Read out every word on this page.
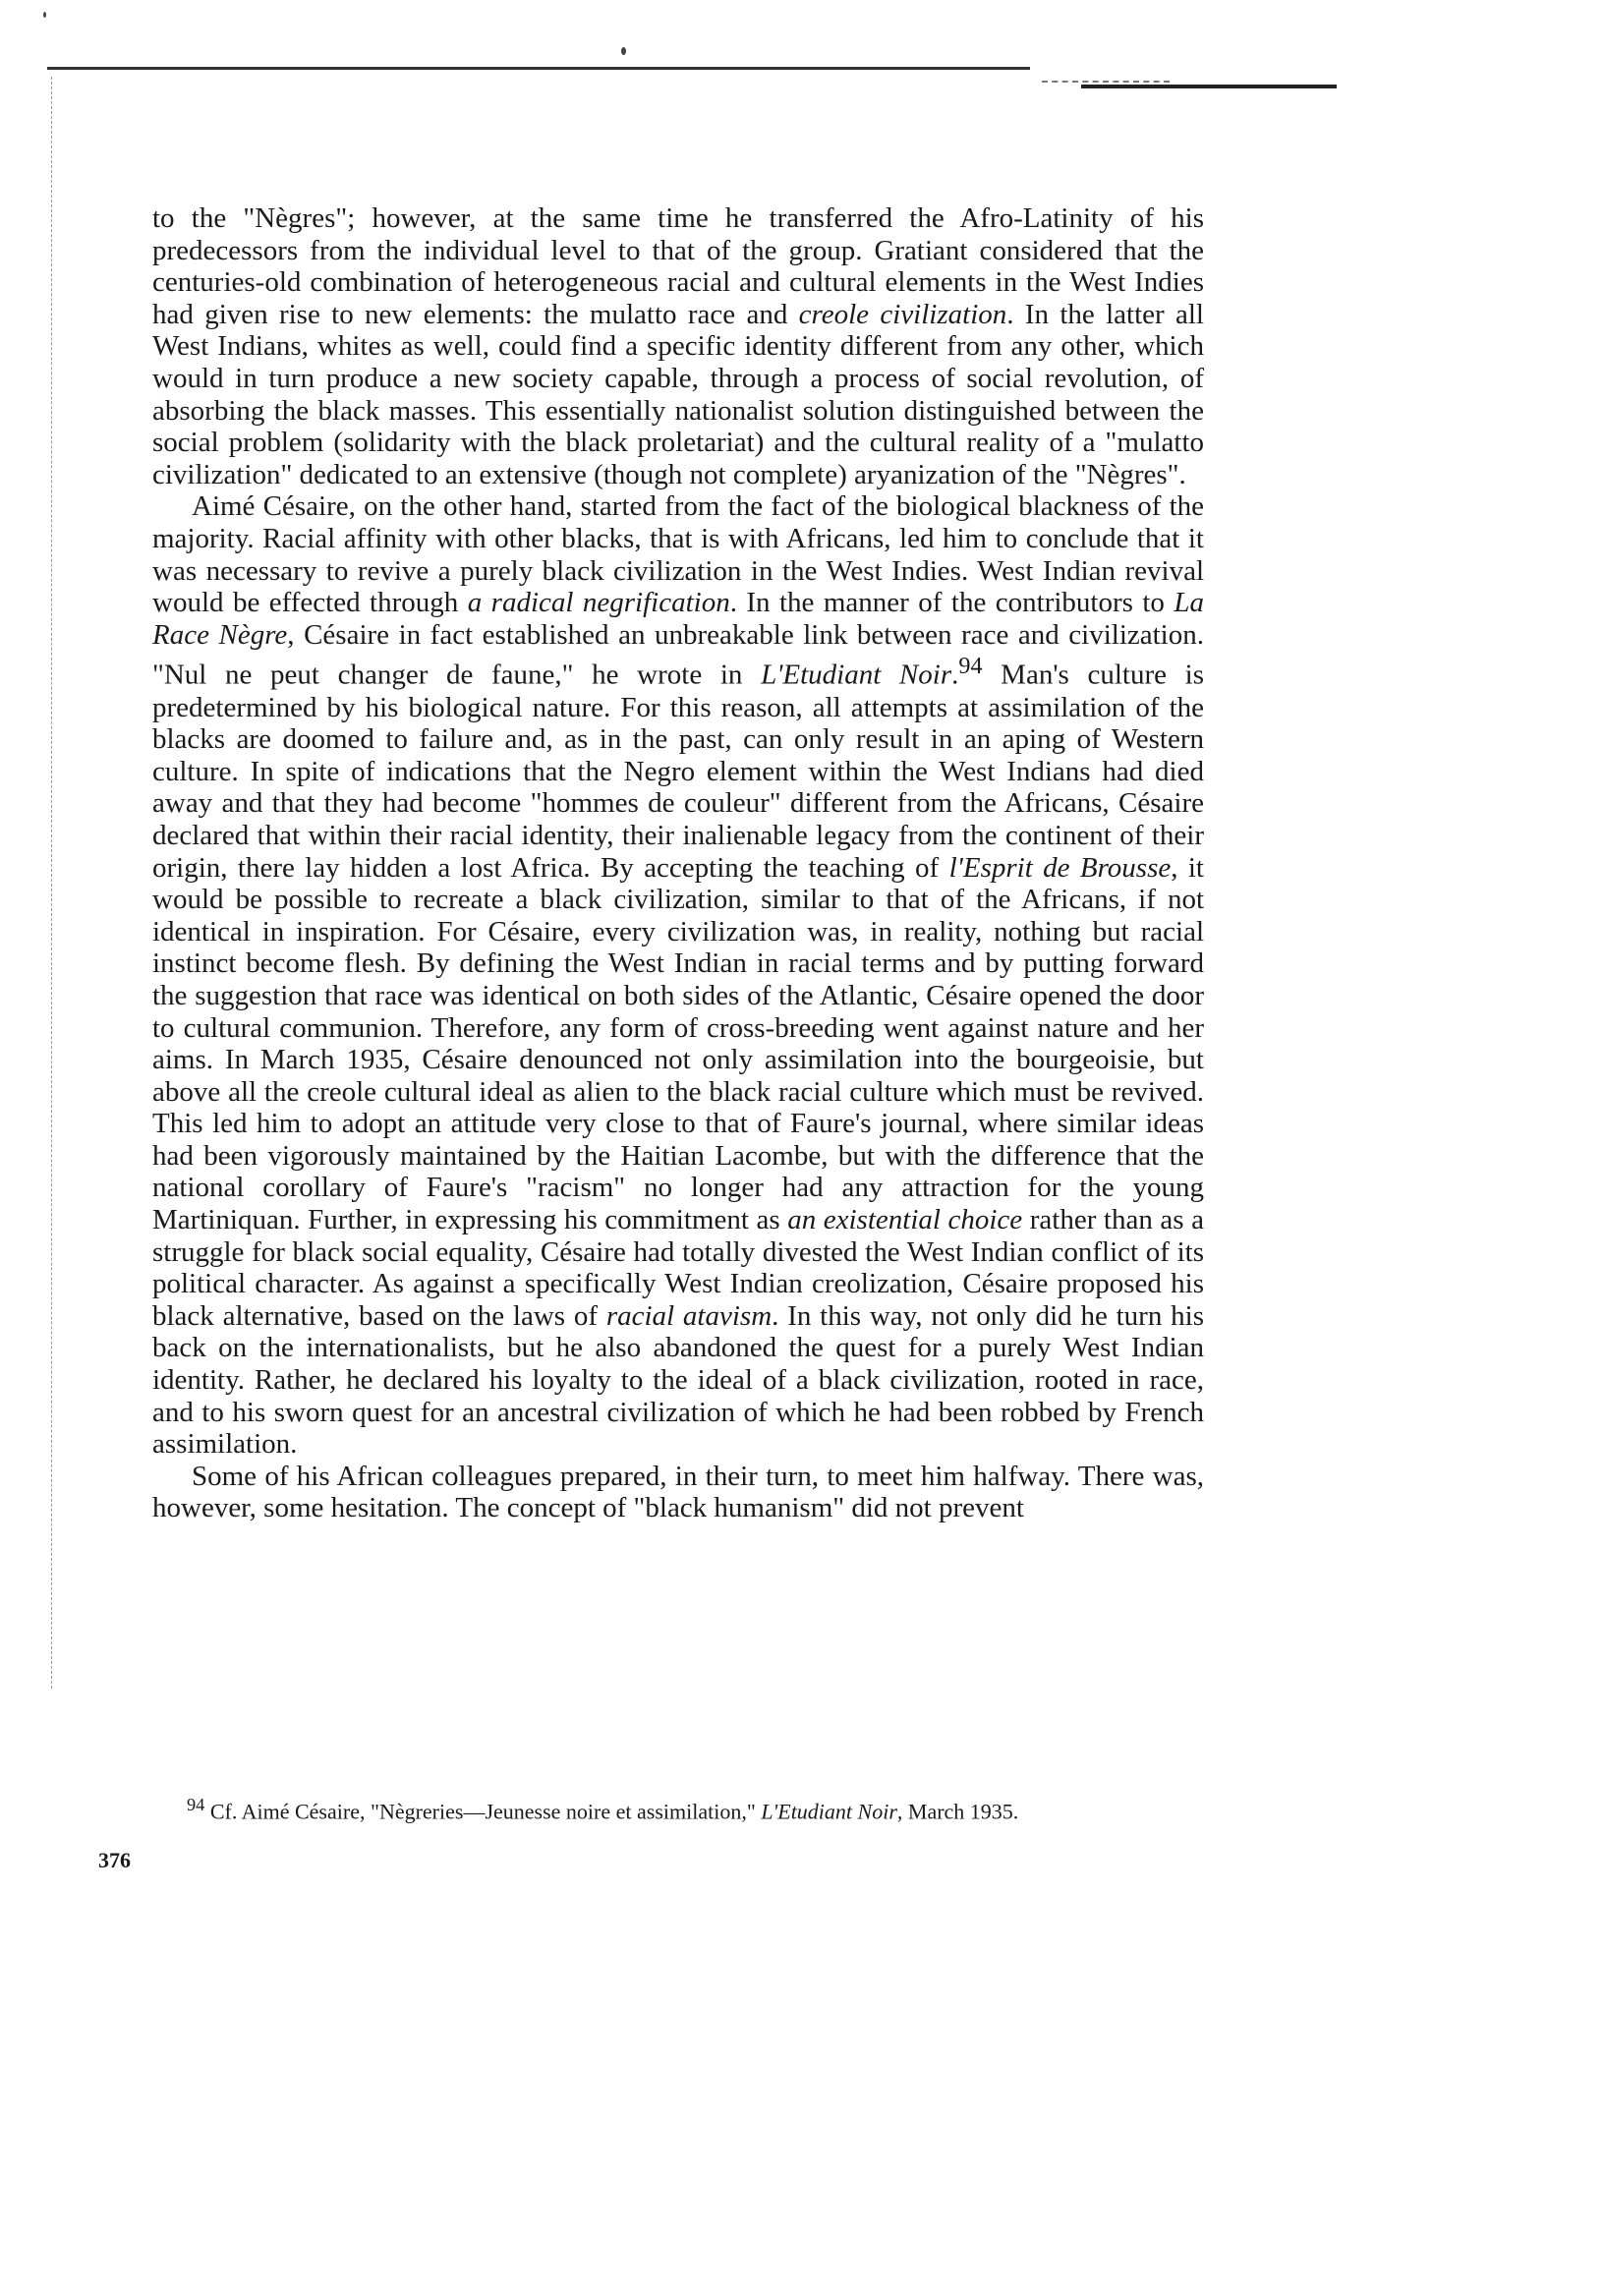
to the "Nègres"; however, at the same time he transferred the Afro-Latinity of his predecessors from the individual level to that of the group. Gratiant considered that the centuries-old combination of heterogeneous racial and cultural elements in the West Indies had given rise to new elements: the mulatto race and creole civilization. In the latter all West Indians, whites as well, could find a specific identity different from any other, which would in turn produce a new society capable, through a process of social revolution, of absorbing the black masses. This essentially nationalist solution distinguished between the social problem (solidarity with the black proletariat) and the cultural reality of a "mulatto civilization" dedicated to an extensive (though not complete) aryanization of the "Nègres".

Aimé Césaire, on the other hand, started from the fact of the biological blackness of the majority. Racial affinity with other blacks, that is with Africans, led him to conclude that it was necessary to revive a purely black civilization in the West Indies. West Indian revival would be effected through a radical negrification. In the manner of the contributors to La Race Nègre, Césaire in fact established an unbreakable link between race and civilization. "Nul ne peut changer de faune," he wrote in L'Etudiant Noir.$^{94}$ Man's culture is predetermined by his biological nature. For this reason, all attempts at assimilation of the blacks are doomed to failure and, as in the past, can only result in an aping of Western culture. In spite of indications that the Negro element within the West Indians had died away and that they had become "hommes de couleur" different from the Africans, Césaire declared that within their racial identity, their inalienable legacy from the continent of their origin, there lay hidden a lost Africa. By accepting the teaching of l'Esprit de Brousse, it would be possible to recreate a black civilization, similar to that of the Africans, if not identical in inspiration. For Césaire, every civilization was, in reality, nothing but racial instinct become flesh. By defining the West Indian in racial terms and by putting forward the suggestion that race was identical on both sides of the Atlantic, Césaire opened the door to cultural communion. Therefore, any form of cross-breeding went against nature and her aims. In March 1935, Césaire denounced not only assimilation into the bourgeoisie, but above all the creole cultural ideal as alien to the black racial culture which must be revived. This led him to adopt an attitude very close to that of Faure's journal, where similar ideas had been vigorously maintained by the Haitian Lacombe, but with the difference that the national corollary of Faure's "racism" no longer had any attraction for the young Martiniquan. Further, in expressing his commitment as an existential choice rather than as a struggle for black social equality, Césaire had totally divested the West Indian conflict of its political character. As against a specifically West Indian creolization, Césaire proposed his black alternative, based on the laws of racial atavism. In this way, not only did he turn his back on the internationalists, but he also abandoned the quest for a purely West Indian identity. Rather, he declared his loyalty to the ideal of a black civilization, rooted in race, and to his sworn quest for an ancestral civilization of which he had been robbed by French assimilation.

Some of his African colleagues prepared, in their turn, to meet him halfway. There was, however, some hesitation. The concept of "black humanism" did not prevent

$^{94}$ Cf. Aimé Césaire, "Nègreries—Jeunesse noire et assimilation," L'Etudiant Noir, March 1935.
376
